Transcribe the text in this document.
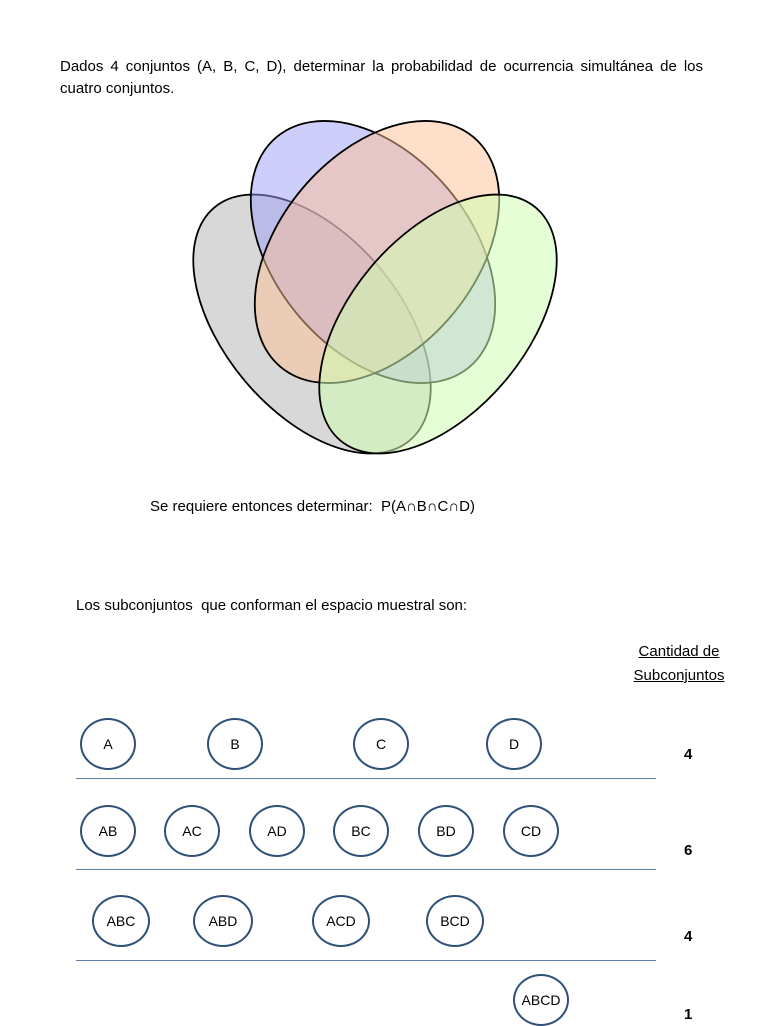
Dados 4 conjuntos (A, B, C, D), determinar la probabilidad de ocurrencia simultánea de los cuatro conjuntos.
Se requiere entonces determinar: P(A∩B∩C∩D)
Los subconjuntos  que conforman el espacio muestral son:
Cantidad de
Subconjuntos
A	B	C	D
4
AB	AC	AD	BC	BD	CD
6
ABC	ABD	ACD	BCD
4
ABCD
1
